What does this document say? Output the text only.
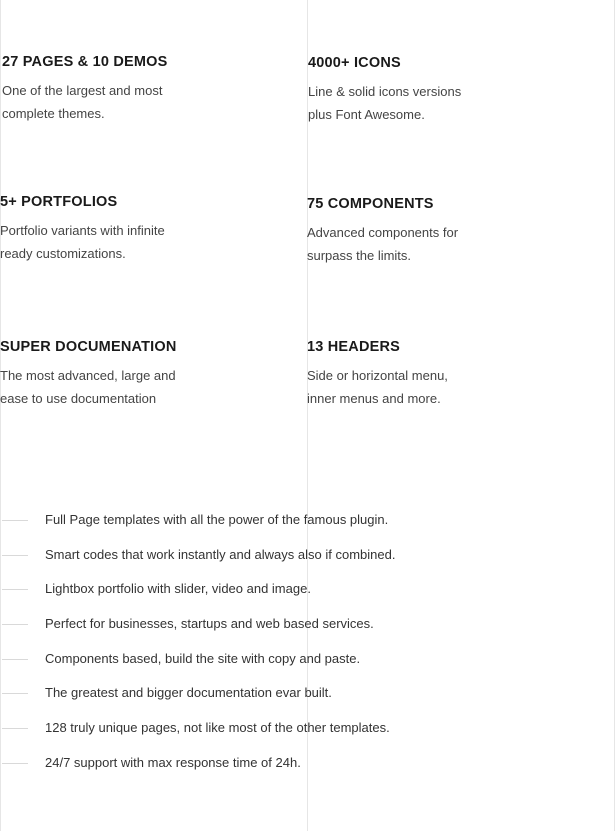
27 PAGES & 10 DEMOS

One of the largest and most
complete themes.

4000+ ICONS

Line & solid icons versions
plus Font Awesome.

5+ PORTFOLIOS

Portfolio variants with infinite
ready customizations.

75 COMPONENTS

Advanced components for
surpass the limits.

SUPER DOCUMENATION

The most advanced, large and
ease to use documentation

13 HEADERS

Side or horizontal menu,
inner menus and more.

Full Page templates with all the power of the famous plugin.
Smart codes that work instantly and always also if combined.
Lightbox portfolio with slider, video and image.
Perfect for businesses, startups and web based services.
Components based, build the site with copy and paste.
The greatest and bigger documentation evar built.
128 truly unique pages, not like most of the other templates.
24/7 support with max response time of 24h.
